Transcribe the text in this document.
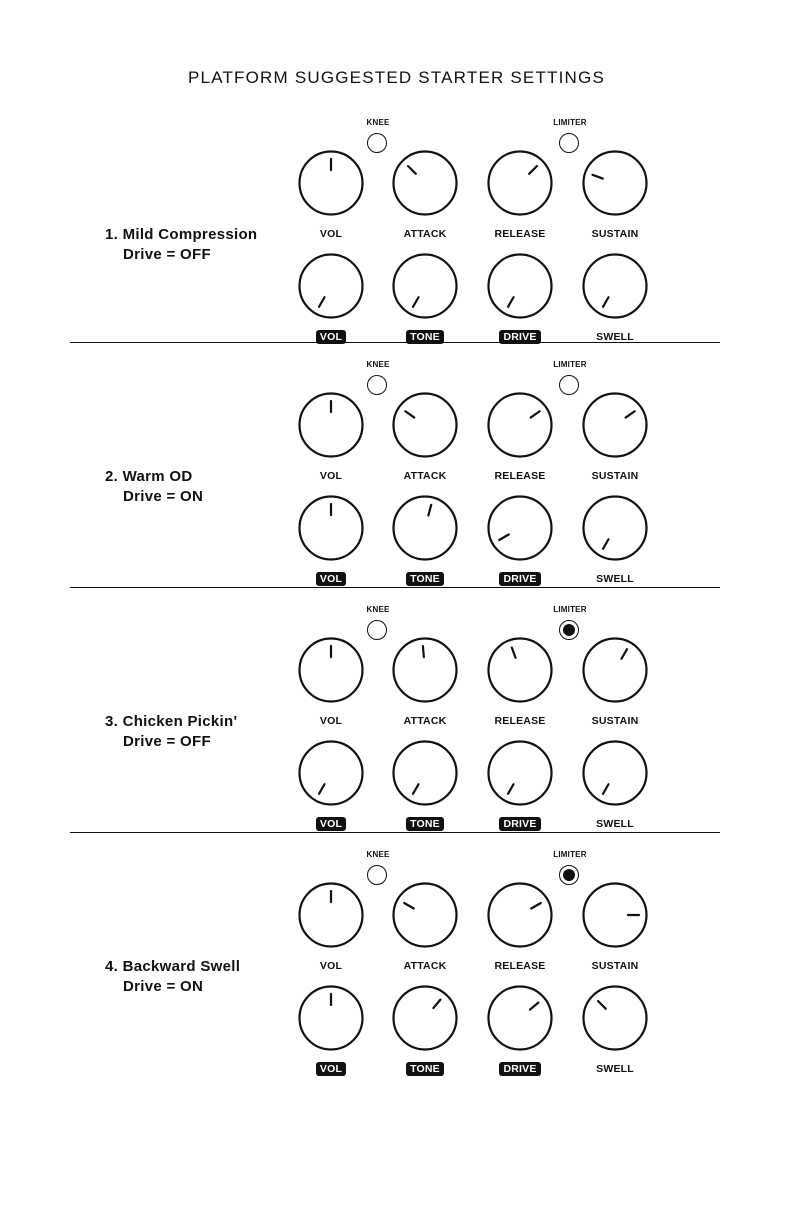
PLATFORM SUGGESTED STARTER SETTINGS
KNEE	LIMITER
VOL	ATTACK	RELEASE	SUSTAIN
VOL	TONE	DRIVE	SWELL
1. Mild Compression
Drive = OFF
KNEE	LIMITER
VOL	ATTACK	RELEASE	SUSTAIN
VOL	TONE	DRIVE	SWELL
2. Warm OD
Drive = ON
KNEE	LIMITER
VOL	ATTACK	RELEASE	SUSTAIN
VOL	TONE	DRIVE	SWELL
3. Chicken Pickin'
Drive = OFF
KNEE	LIMITER
VOL	ATTACK	RELEASE	SUSTAIN
VOL	TONE	DRIVE	SWELL
4. Backward Swell
Drive = ON
